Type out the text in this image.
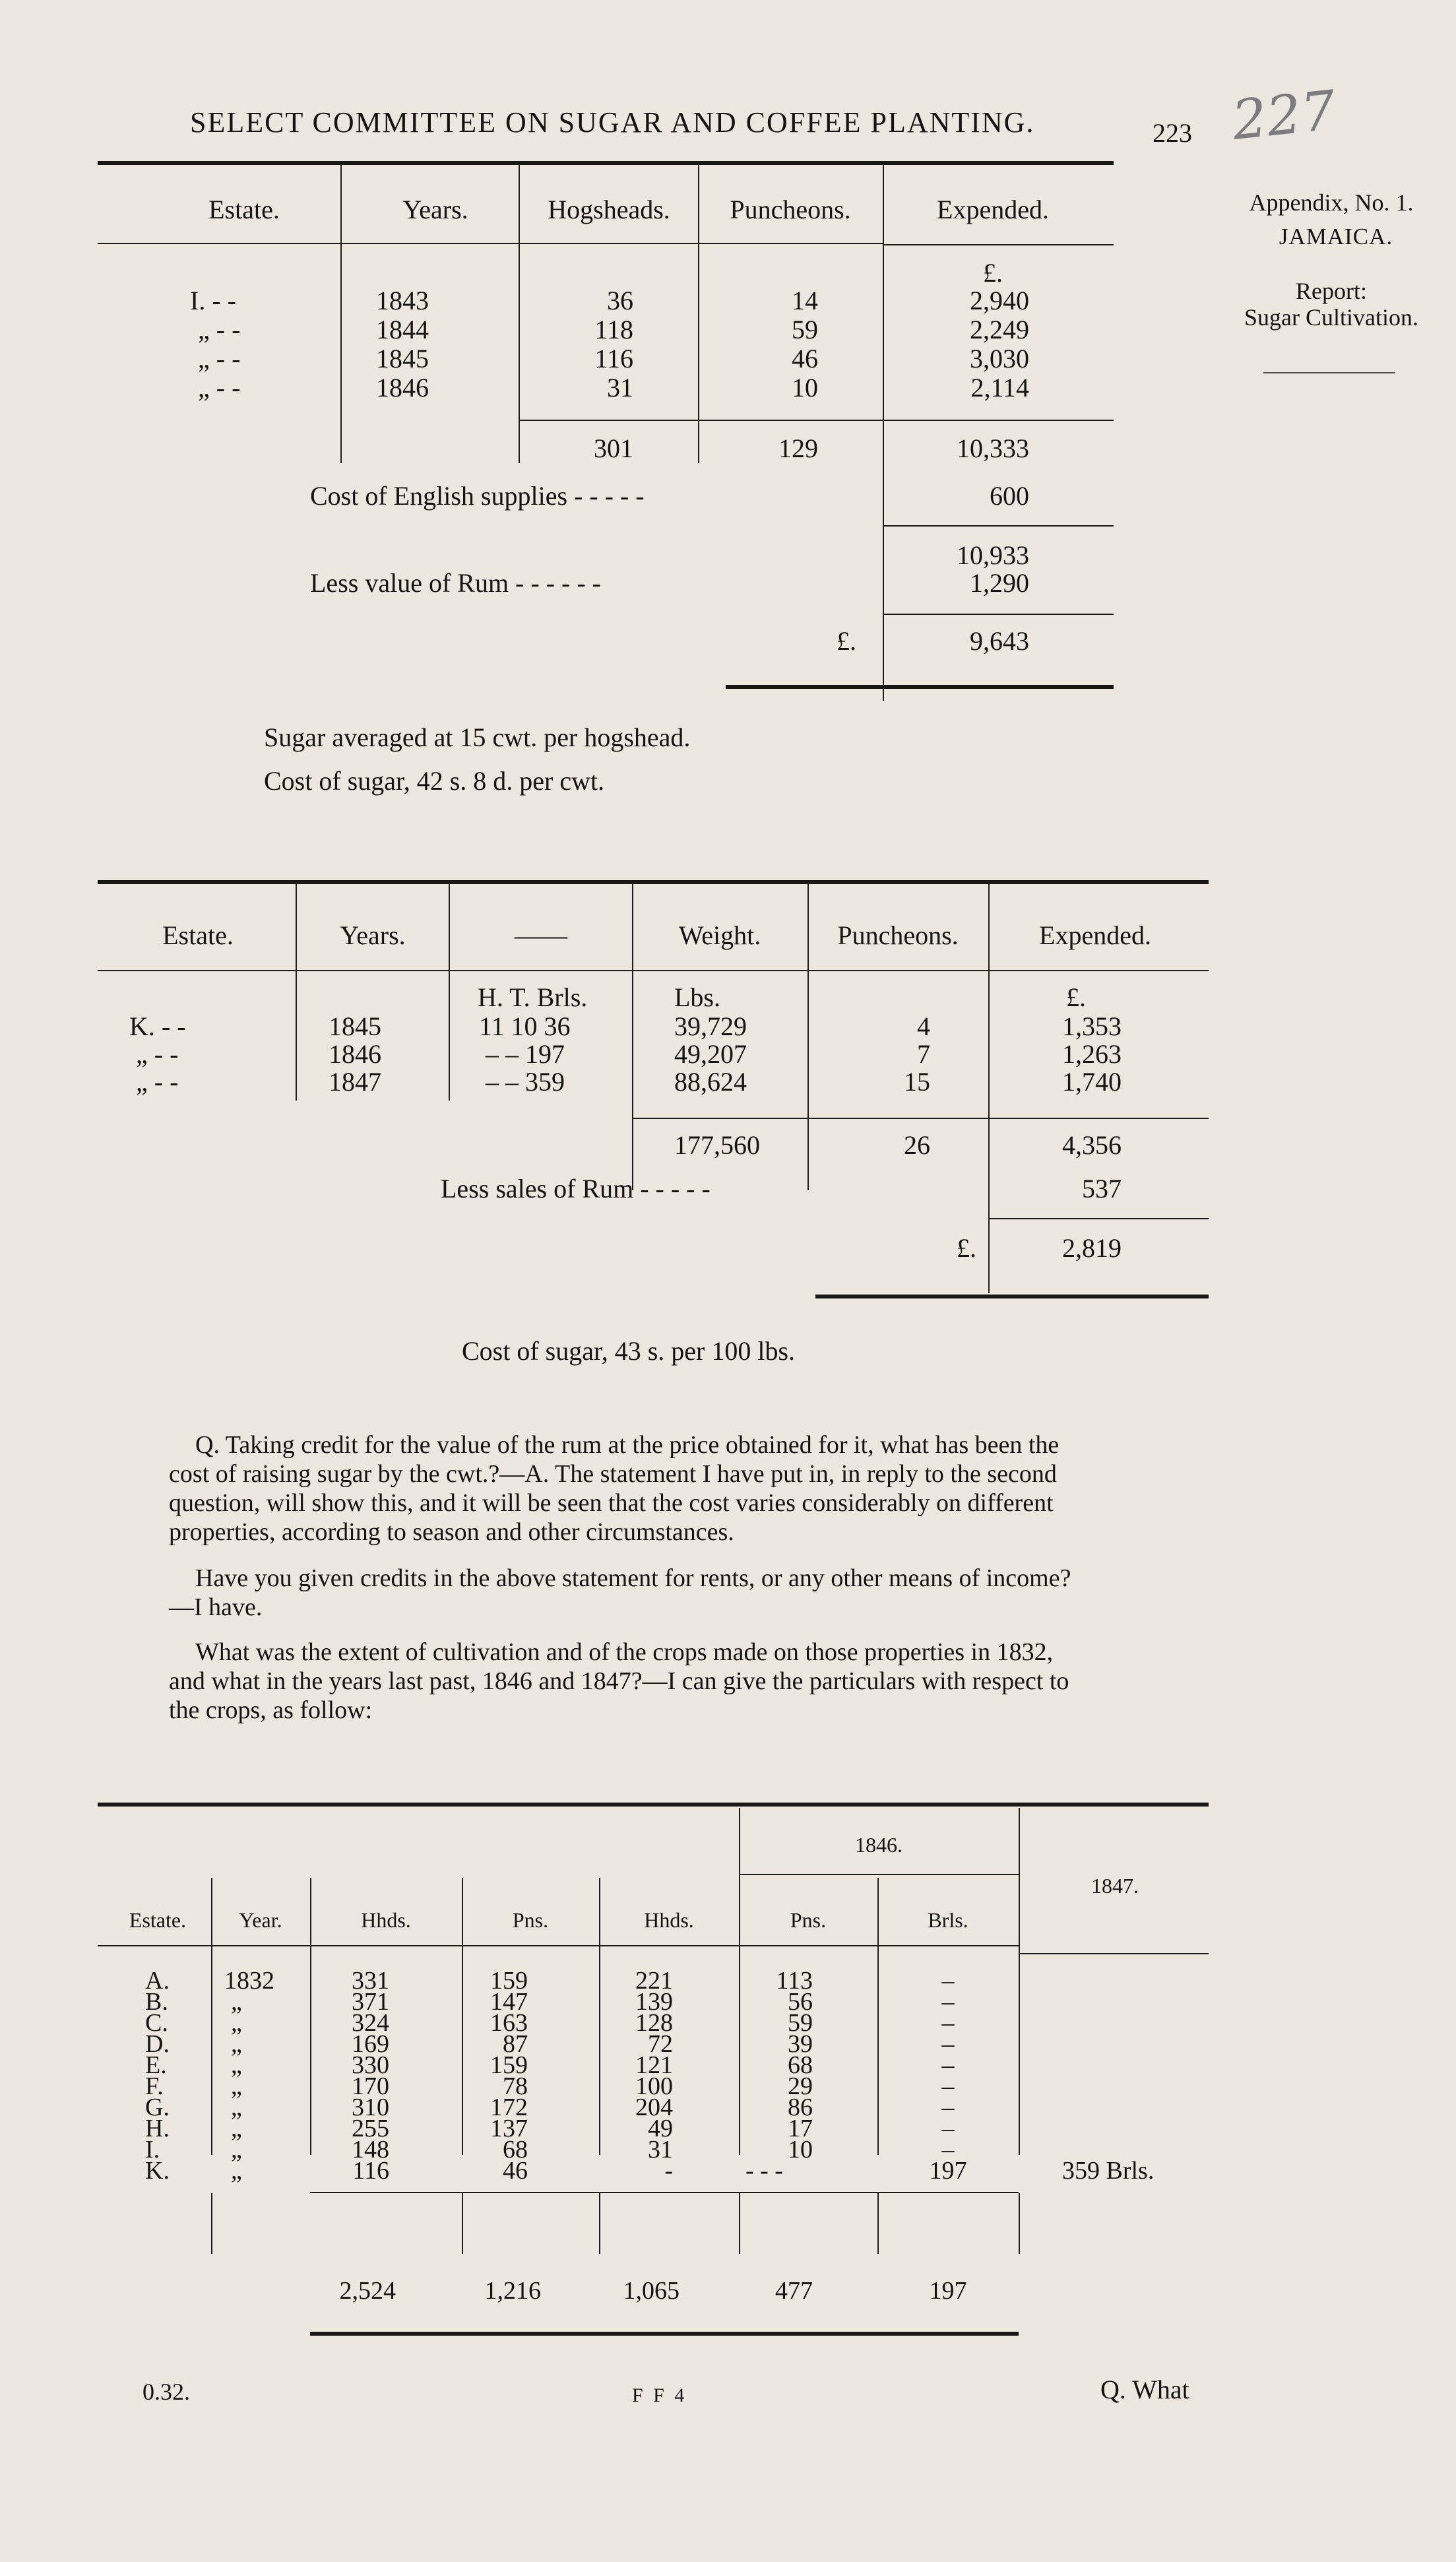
SELECT COMMITTEE ON SUGAR AND COFFEE PLANTING.	223 227
Appendix, No. 1.
JAMAICA.
Report:
Sugar Cultivation.
Estate.	Years.	Hogsheads.	Puncheons.	Expended.
£.
I. - -	1843	36	14	2,940
„ - -	1844	118	59	2,249
„ - -	1845	116	46	3,030
„ - -	1846	31	10	2,114
301	129	10,333
Cost of English supplies - - - - -	600
10,933
Less value of Rum - - - - - -	1,290
£.	9,643
Sugar averaged at 15 cwt. per hogshead.
Cost of sugar, 42 s. 8 d. per cwt.
Estate.	Years.	——	Weight.	Puncheons.	Expended.
H. T. Brls.	Lbs.	£.
K. - -	1845	11 10 36	39,729	4	1,353
„ - -	1846	– – 197	49,207	7	1,263
„ - -	1847	– – 359	88,624	15	1,740
177,560	26	4,356
Less sales of Rum - - - - -	537
£.	2,819
Cost of sugar, 43 s. per 100 lbs.
Q. Taking credit for the value of the rum at the price obtained for it, what has been the
cost of raising sugar by the cwt.?—A. The statement I have put in, in reply to the second
question, will show this, and it will be seen that the cost varies considerably on different
properties, according to season and other circumstances.
Have you given credits in the above statement for rents, or any other means of income?
—I have.
What was the extent of cultivation and of the crops made on those properties in 1832,
and what in the years last past, 1846 and 1847?—I can give the particulars with respect to
the crops, as follow:
1846.
1847.
Estate.	Year.	Hhds.	Pns.	Hhds.	Pns.	Brls.
A. 1832	331	159	221	113	–
B.	„	371	147	139	56	–
C.	„	324	163	128	59	–
D. „	169	87	72	39	–
E.	„	330	159	121	68	–
F.	„	170	78	100	29	–
G. „	310	172	204	86	–
H. „	255	137	49	17	–
I.	„	148	68	31	10	–
K. „	116	46	-	- - -	197	359 Brls.
2,524	1,216	1,065	477	197
0.32.	F F 4	Q. What
